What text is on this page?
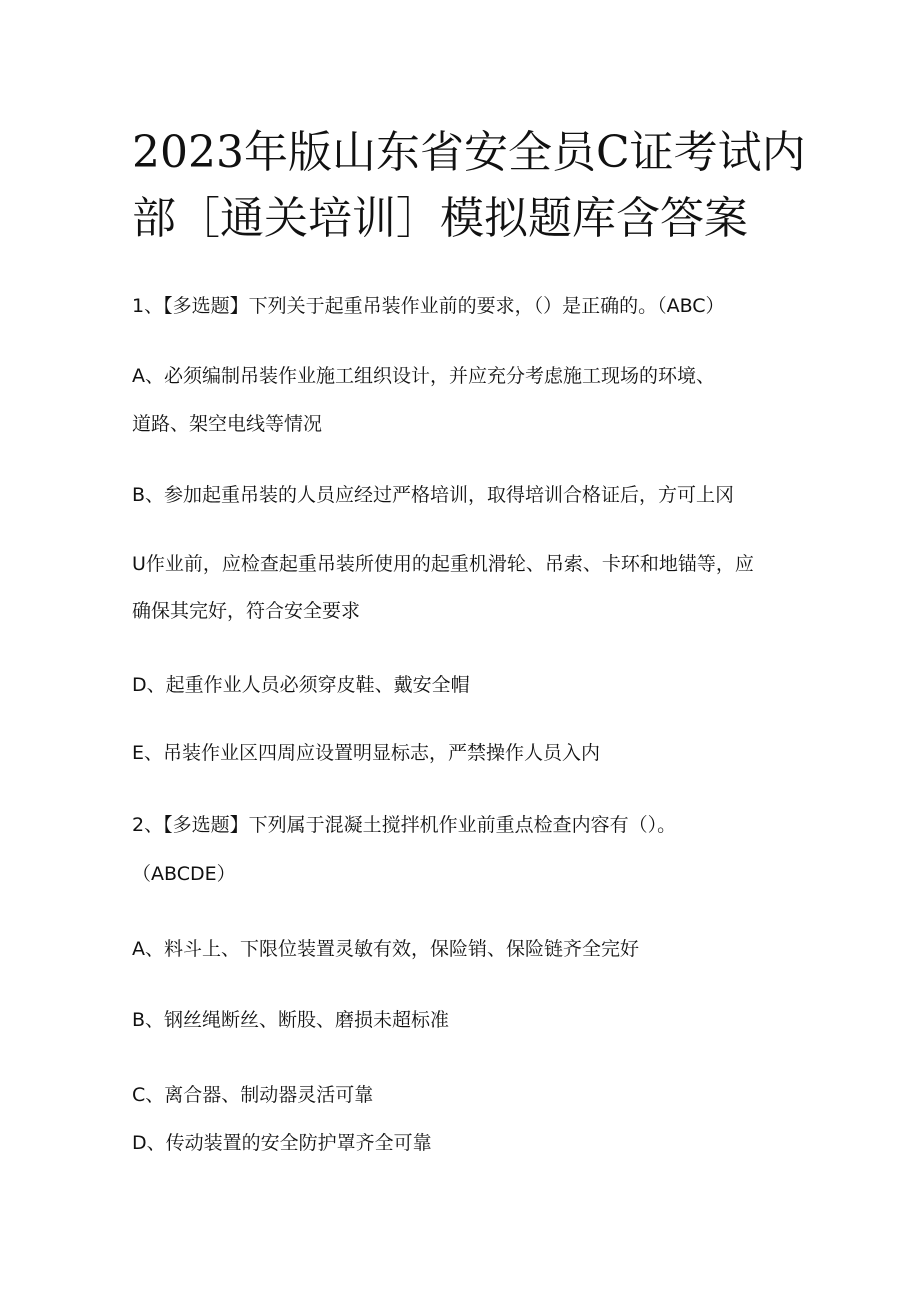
2023年版山东省安全员C证考试内
部［通关培训］模拟题库含答案
1、【多选题】下列关于起重吊装作业前的要求，（）是正确的。（ABC）
A、必须编制吊装作业施工组织设计，并应充分考虑施工现场的环境、
道路、架空电线等情况
B、参加起重吊装的人员应经过严格培训，取得培训合格证后，方可上冈
U作业前，应检查起重吊装所使用的起重机滑轮、吊索、卡环和地锚等，应
确保其完好，符合安全要求
D、起重作业人员必须穿皮鞋、戴安全帽
E、吊装作业区四周应设置明显标志，严禁操作人员入内
2、【多选题】下列属于混凝土搅拌机作业前重点检查内容有（）。
（ABCDE）
A、料斗上、下限位装置灵敏有效，保险销、保险链齐全完好
B、钢丝绳断丝、断股、磨损未超标准
C、离合器、制动器灵活可靠
D、传动装置的安全防护罩齐全可靠
